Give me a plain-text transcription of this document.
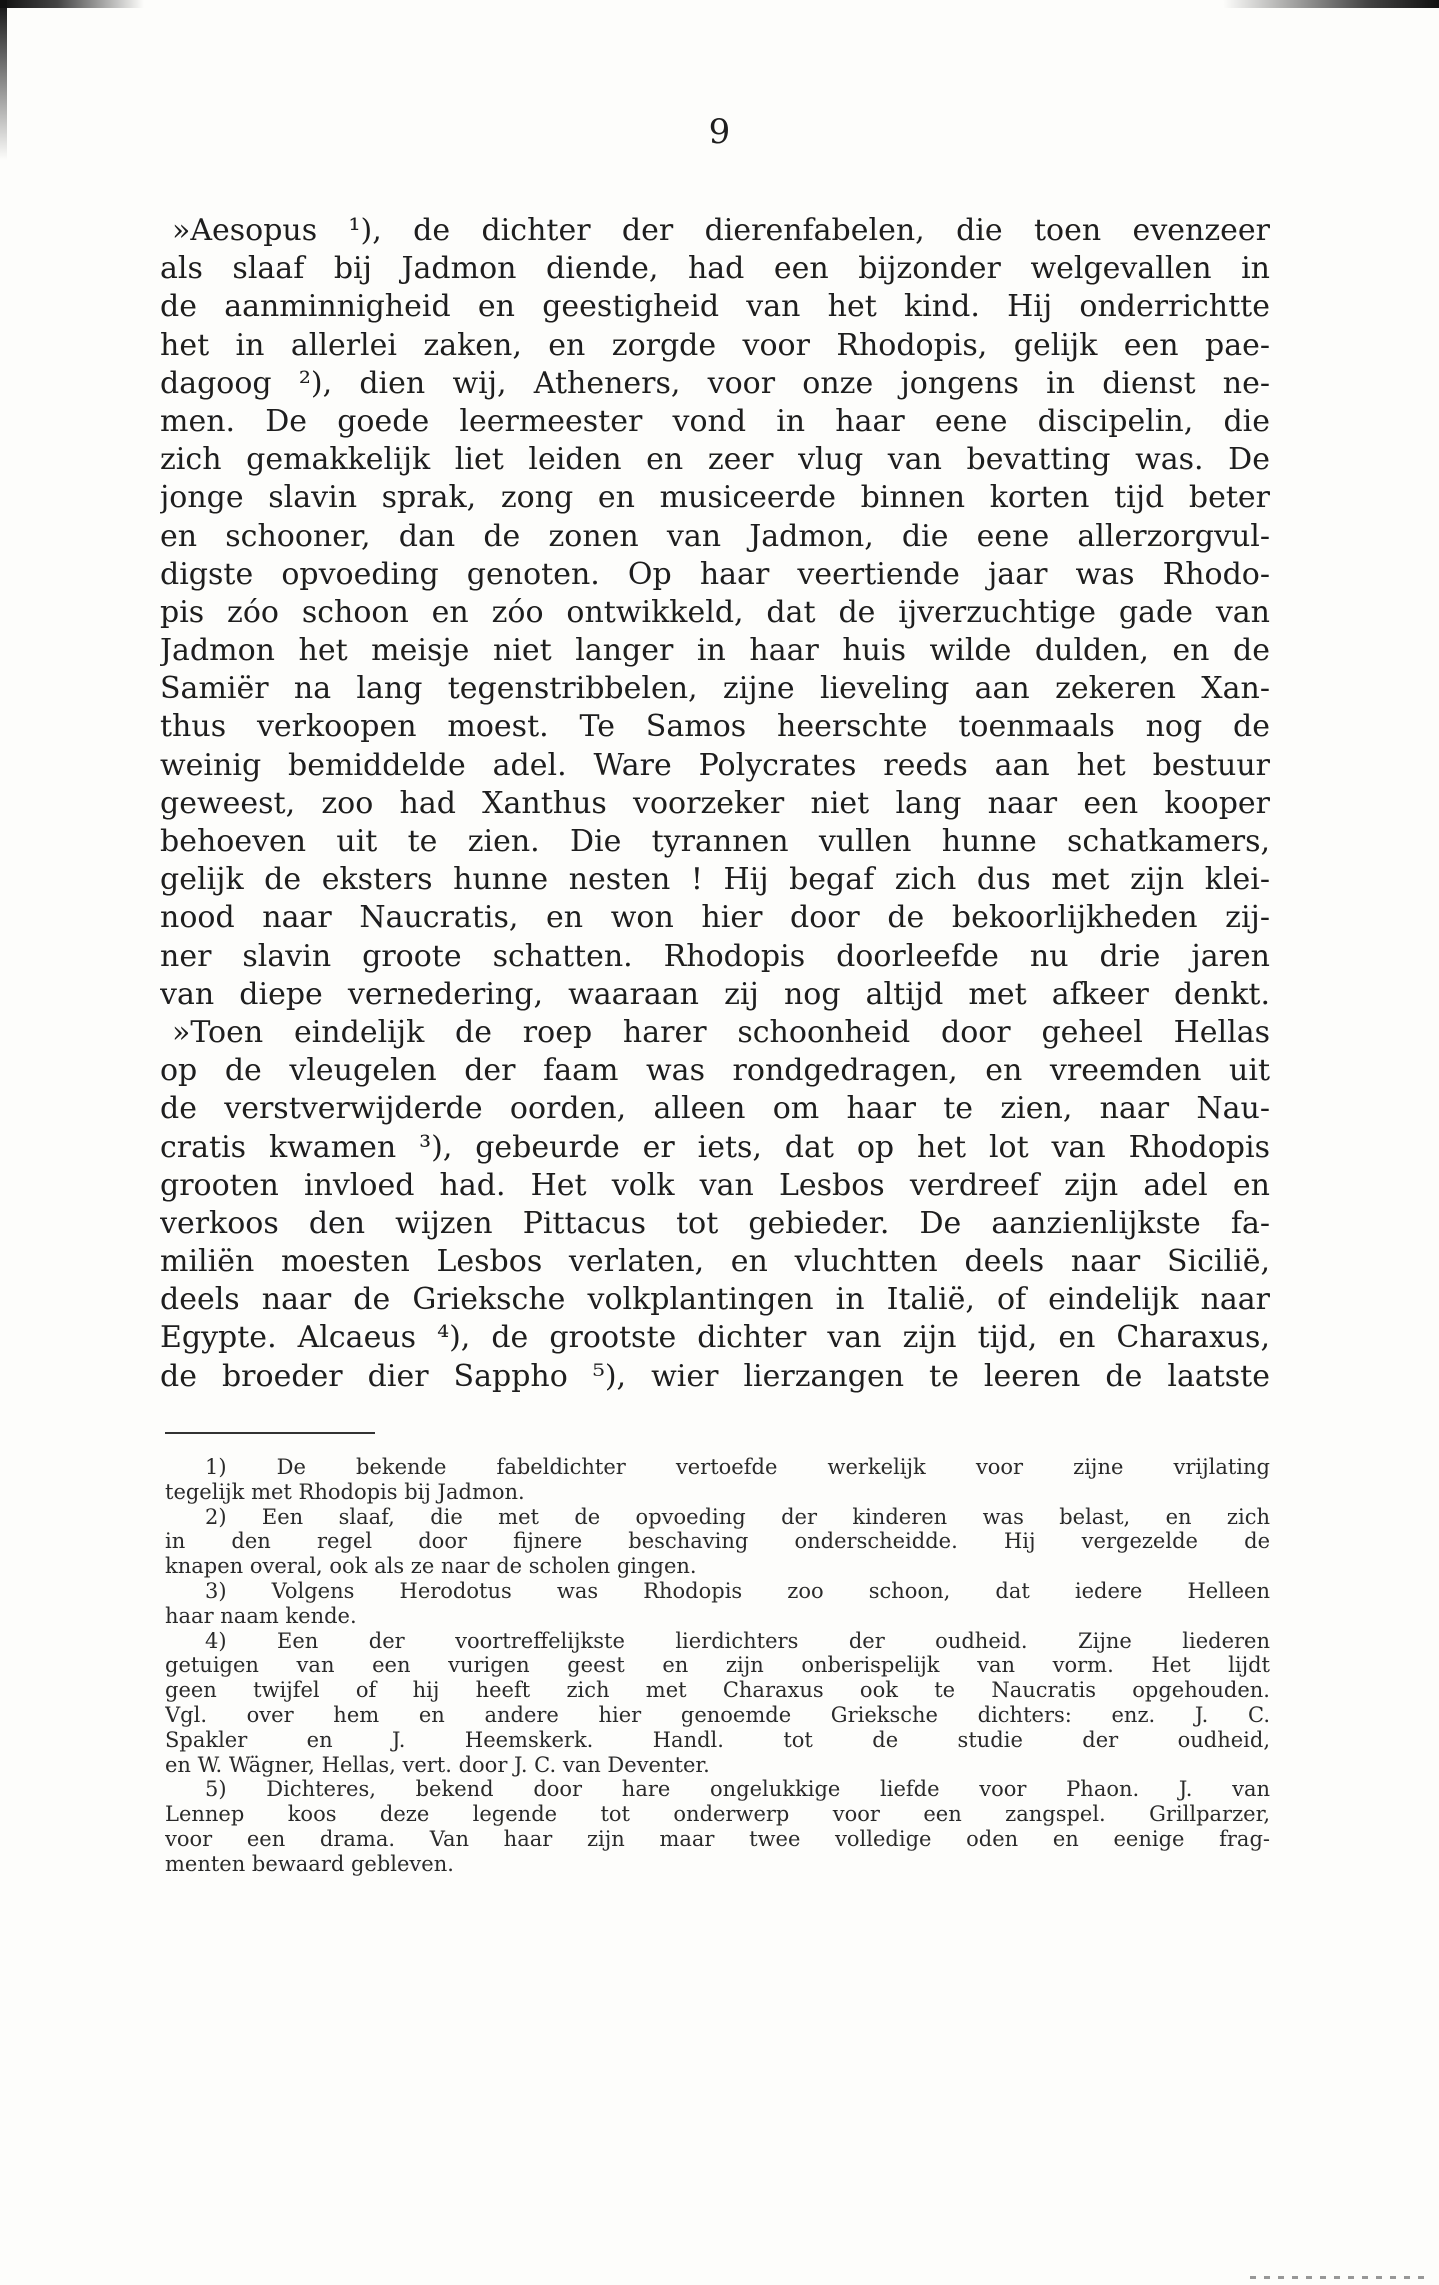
9
»Aesopus ¹), de dichter der dierenfabelen, die toen evenzeer
als slaaf bij Jadmon diende, had een bijzonder welgevallen in
de aanminnigheid en geestigheid van het kind. Hij onderrichtte
het in allerlei zaken, en zorgde voor Rhodopis, gelijk een pae-
dagoog ²), dien wij, Atheners, voor onze jongens in dienst ne-
men. De goede leermeester vond in haar eene discipelin, die
zich gemakkelijk liet leiden en zeer vlug van bevatting was. De
jonge slavin sprak, zong en musiceerde binnen korten tijd beter
en schooner, dan de zonen van Jadmon, die eene allerzorgvul-
digste opvoeding genoten. Op haar veertiende jaar was Rhodo-
pis zóo schoon en zóo ontwikkeld, dat de ijverzuchtige gade van
Jadmon het meisje niet langer in haar huis wilde dulden, en de
Samiër na lang tegenstribbelen, zijne lieveling aan zekeren Xan-
thus verkoopen moest. Te Samos heerschte toenmaals nog de
weinig bemiddelde adel. Ware Polycrates reeds aan het bestuur
geweest, zoo had Xanthus voorzeker niet lang naar een kooper
behoeven uit te zien. Die tyrannen vullen hunne schatkamers,
gelijk de eksters hunne nesten ! Hij begaf zich dus met zijn klei-
nood naar Naucratis, en won hier door de bekoorlijkheden zij-
ner slavin groote schatten. Rhodopis doorleefde nu drie jaren
van diepe vernedering, waaraan zij nog altijd met afkeer denkt.
»Toen eindelijk de roep harer schoonheid door geheel Hellas
op de vleugelen der faam was rondgedragen, en vreemden uit
de verstverwijderde oorden, alleen om haar te zien, naar Nau-
cratis kwamen ³), gebeurde er iets, dat op het lot van Rhodopis
grooten invloed had. Het volk van Lesbos verdreef zijn adel en
verkoos den wijzen Pittacus tot gebieder. De aanzienlijkste fa-
miliën moesten Lesbos verlaten, en vluchtten deels naar Sicilië,
deels naar de Grieksche volkplantingen in Italië, of eindelijk naar
Egypte. Alcaeus ⁴), de grootste dichter van zijn tijd, en Charaxus,
de broeder dier Sappho ⁵), wier lierzangen te leeren de laatste
1) De bekende fabeldichter vertoefde werkelijk voor zijne vrijlating
tegelijk met Rhodopis bij Jadmon.
2) Een slaaf, die met de opvoeding der kinderen was belast, en zich
in den regel door fijnere beschaving onderscheidde. Hij vergezelde de
knapen overal, ook als ze naar de scholen gingen.
3) Volgens Herodotus was Rhodopis zoo schoon, dat iedere Helleen
haar naam kende.
4) Een der voortreffelijkste lierdichters der oudheid. Zijne liederen
getuigen van een vurigen geest en zijn onberispelijk van vorm. Het lijdt
geen twijfel of hij heeft zich met Charaxus ook te Naucratis opgehouden.
Vgl. over hem en andere hier genoemde Grieksche dichters: enz. J. C.
Spakler en J. Heemskerk. Handl. tot de studie der oudheid,
en W. Wägner, Hellas, vert. door J. C. van Deventer.
5) Dichteres, bekend door hare ongelukkige liefde voor Phaon. J. van
Lennep koos deze legende tot onderwerp voor een zangspel. Grillparzer,
voor een drama. Van haar zijn maar twee volledige oden en eenige frag-
menten bewaard gebleven.
